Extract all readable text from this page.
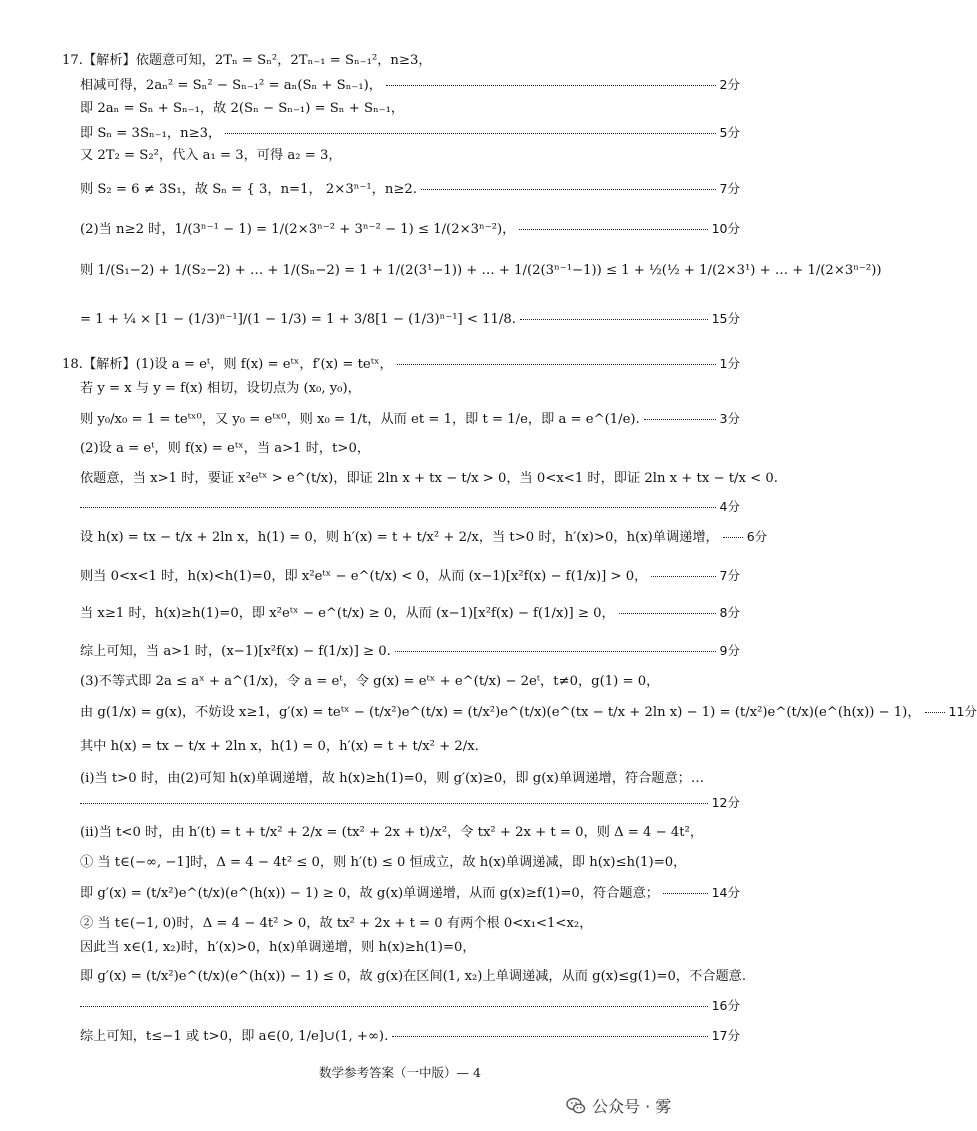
17.【解析】依题意可知，2Tₙ = Sₙ²，2Tₙ₋₁ = Sₙ₋₁²，n≥3，
相减可得，2aₙ² = Sₙ² − Sₙ₋₁² = aₙ(Sₙ + Sₙ₋₁)，	2分
即 2aₙ = Sₙ + Sₙ₋₁，故 2(Sₙ − Sₙ₋₁) = Sₙ + Sₙ₋₁，
即 Sₙ = 3Sₙ₋₁，n≥3，	5分
又 2T₂ = S₂²，代入 a₁ = 3，可得 a₂ = 3，
则 S₂ = 6 ≠ 3S₁，故 Sₙ = { 3，n=1， 2×3ⁿ⁻¹，n≥2.	7分
(2)当 n≥2 时，1/(3ⁿ⁻¹ − 1) = 1/(2×3ⁿ⁻² + 3ⁿ⁻² − 1) ≤ 1/(2×3ⁿ⁻²)，	10分
则 1/(S₁−2) + 1/(S₂−2) + … + 1/(Sₙ−2) = 1 + 1/(2(3¹−1)) + … + 1/(2(3ⁿ⁻¹−1)) ≤ 1 + ½(½ + 1/(2×3¹) + … + 1/(2×3ⁿ⁻²))
= 1 + ¼ × [1 − (1/3)ⁿ⁻¹]/(1 − 1/3) = 1 + 3/8[1 − (1/3)ⁿ⁻¹] < 11/8.	15分
18.【解析】(1)设 a = eᵗ，则 f(x) = eᵗˣ，f′(x) = teᵗˣ，	1分
若 y = x 与 y = f(x) 相切，设切点为 (x₀, y₀)，
则 y₀/x₀ = 1 = teᵗˣ⁰，又 y₀ = eᵗˣ⁰，则 x₀ = 1/t，从而 et = 1，即 t = 1/e，即 a = e^(1/e).	3分
(2)设 a = eᵗ，则 f(x) = eᵗˣ，当 a>1 时，t>0，
依题意，当 x>1 时，要证 x²eᵗˣ > e^(t/x)，即证 2ln x + tx − t/x > 0，当 0<x<1 时，即证 2ln x + tx − t/x < 0.
4分
设 h(x) = tx − t/x + 2ln x，h(1) = 0，则 h′(x) = t + t/x² + 2/x，当 t>0 时，h′(x)>0，h(x)单调递增， 6分
则当 0<x<1 时，h(x)<h(1)=0，即 x²eᵗˣ − e^(t/x) < 0，从而 (x−1)[x²f(x) − f(1/x)] > 0，	7分
当 x≥1 时，h(x)≥h(1)=0，即 x²eᵗˣ − e^(t/x) ≥ 0，从而 (x−1)[x²f(x) − f(1/x)] ≥ 0，	8分
综上可知，当 a>1 时，(x−1)[x²f(x) − f(1/x)] ≥ 0.	9分
(3)不等式即 2a ≤ aˣ + a^(1/x)，令 a = eᵗ，令 g(x) = eᵗˣ + e^(t/x) − 2eᵗ，t≠0，g(1) = 0，
由 g(1/x) = g(x)，不妨设 x≥1，g′(x) = teᵗˣ − (t/x²)e^(t/x) = (t/x²)e^(t/x)(e^(tx − t/x + 2ln x) − 1) = (t/x²)e^(t/x)(e^(h(x)) − 1)， 11分
其中 h(x) = tx − t/x + 2ln x，h(1) = 0，h′(x) = t + t/x² + 2/x.
(i)当 t>0 时，由(2)可知 h(x)单调递增，故 h(x)≥h(1)=0，则 g′(x)≥0，即 g(x)单调递增，符合题意；…
12分
(ii)当 t<0 时，由 h′(t) = t + t/x² + 2/x = (tx² + 2x + t)/x²，令 tx² + 2x + t = 0，则 Δ = 4 − 4t²，
① 当 t∈(−∞, −1]时，Δ = 4 − 4t² ≤ 0，则 h′(t) ≤ 0 恒成立，故 h(x)单调递减，即 h(x)≤h(1)=0，
即 g′(x) = (t/x²)e^(t/x)(e^(h(x)) − 1) ≥ 0，故 g(x)单调递增，从而 g(x)≥f(1)=0，符合题意；	14分
② 当 t∈(−1, 0)时，Δ = 4 − 4t² > 0，故 tx² + 2x + t = 0 有两个根 0<x₁<1<x₂，
因此当 x∈(1, x₂)时，h′(x)>0，h(x)单调递增，则 h(x)≥h(1)=0，
即 g′(x) = (t/x²)e^(t/x)(e^(h(x)) − 1) ≤ 0，故 g(x)在区间(1, x₂)上单调递减，从而 g(x)≤g(1)=0，不合题意.
16分
综上可知，t≤−1 或 t>0，即 a∈(0, 1/e]∪(1, +∞).	17分
数学参考答案（一中版）— 4
公众号 · 雾
